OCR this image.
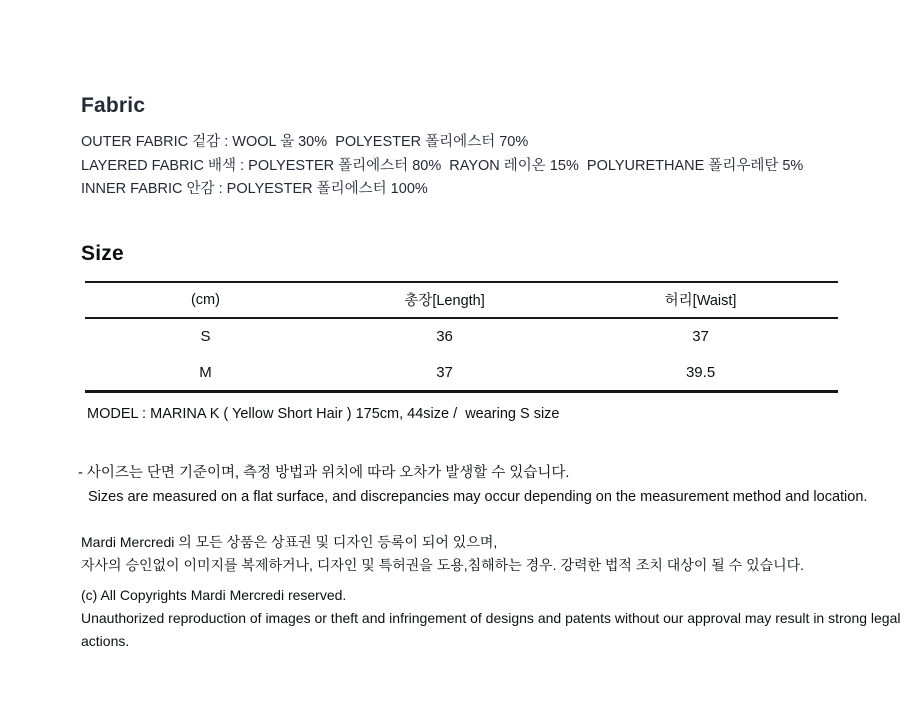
Fabric

OUTER FABRIC 겉감 : WOOL 울 30%  POLYESTER 폴리에스터 70%

LAYERED FABRIC 배색 : POLYESTER 폴리에스터 80%  RAYON 레이온 15%  POLYURETHANE 폴리우레탄 5%

INNER FABRIC 안감 : POLYESTER 폴리에스터 100%

Size
(cm)	총장[Length]	허리[Waist]
S	36	37
M	37	39.5

MODEL : MARINA K ( Yellow Short Hair ) 175cm, 44size /  wearing S size

- 사이즈는 단면 기준이며, 측정 방법과 위치에 따라 오차가 발생할 수 있습니다.

Sizes are measured on a flat surface, and discrepancies may occur depending on the measurement method and location.

Mardi Mercredi 의 모든 상품은 상표권 및 디자인 등록이 되어 있으며,

자사의 승인없이 이미지를 복제하거나, 디자인 및 특허권을 도용,침해하는 경우. 강력한 법적 조치 대상이 될 수 있습니다.

(c) All Copyrights Mardi Mercredi reserved.

Unauthorized reproduction of images or theft and infringement of designs and patents without our approval may result in strong legal actions.
